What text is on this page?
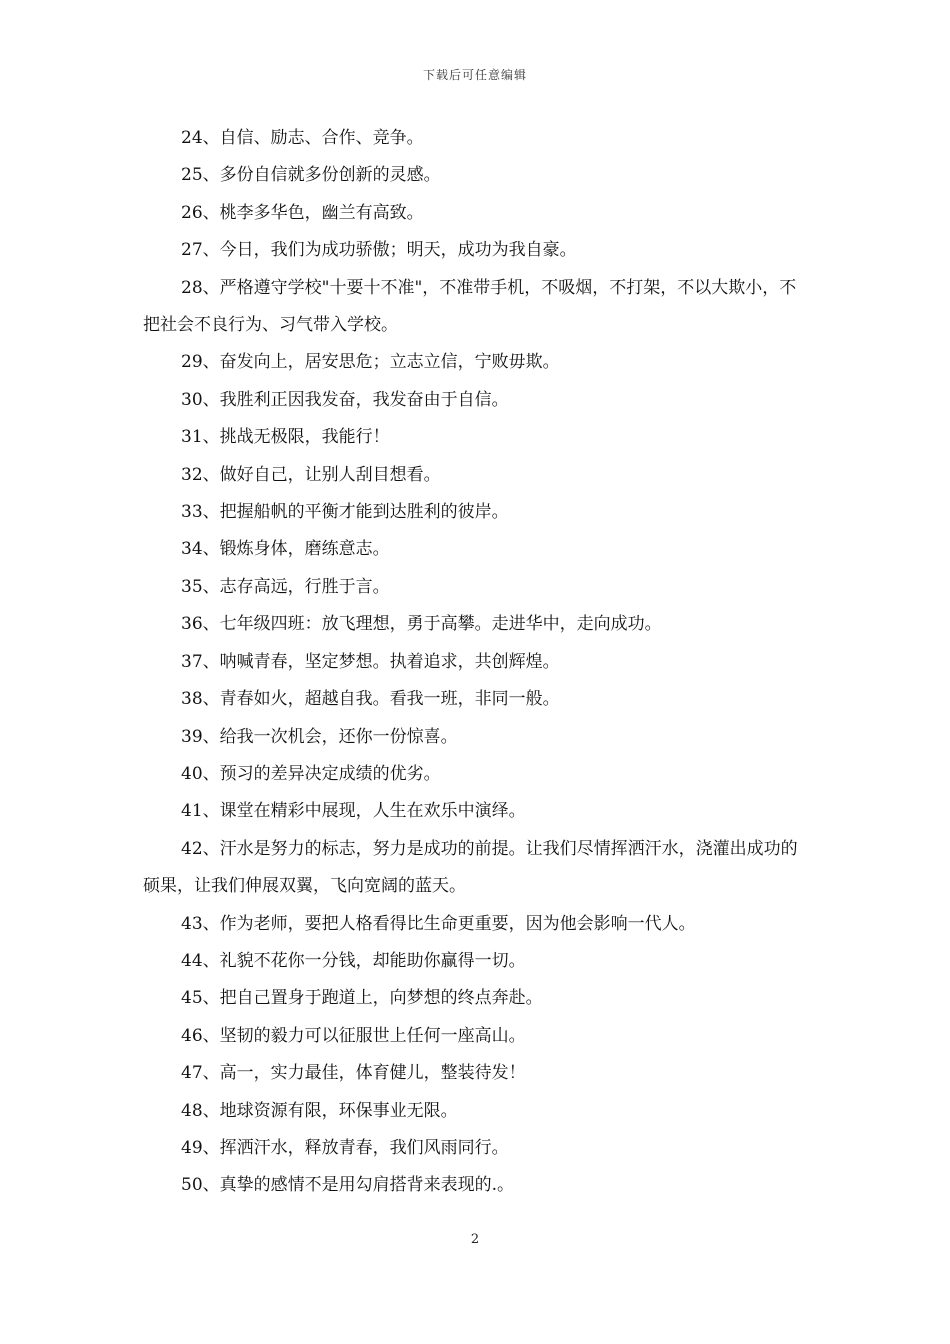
下载后可任意编辑

24、自信、励志、合作、竞争。

25、多份自信就多份创新的灵感。

26、桃李多华色，幽兰有高致。

27、今日，我们为成功骄傲；明天，成功为我自豪。

28、严格遵守学校"十要十不准"，不准带手机，不吸烟，不打架，不以大欺小，不把社会不良行为、习气带入学校。

29、奋发向上，居安思危；立志立信，宁败毋欺。

30、我胜利正因我发奋，我发奋由于自信。

31、挑战无极限，我能行！

32、做好自己，让别人刮目想看。

33、把握船帆的平衡才能到达胜利的彼岸。

34、锻炼身体，磨练意志。

35、志存高远，行胜于言。

36、七年级四班：放飞理想，勇于高攀。走进华中，走向成功。

37、呐喊青春，坚定梦想。执着追求，共创辉煌。

38、青春如火，超越自我。看我一班，非同一般。

39、给我一次机会，还你一份惊喜。

40、预习的差异决定成绩的优劣。

41、课堂在精彩中展现，人生在欢乐中演绎。

42、汗水是努力的标志，努力是成功的前提。让我们尽情挥洒汗水，浇灌出成功的硕果，让我们伸展双翼，飞向宽阔的蓝天。

43、作为老师，要把人格看得比生命更重要，因为他会影响一代人。

44、礼貌不花你一分钱，却能助你赢得一切。

45、把自己置身于跑道上，向梦想的终点奔赴。

46、坚韧的毅力可以征服世上任何一座高山。

47、高一，实力最佳，体育健儿，整装待发！

48、地球资源有限，环保事业无限。

49、挥洒汗水，释放青春，我们风雨同行。

50、真挚的感情不是用勾肩搭背来表现的.。

2
